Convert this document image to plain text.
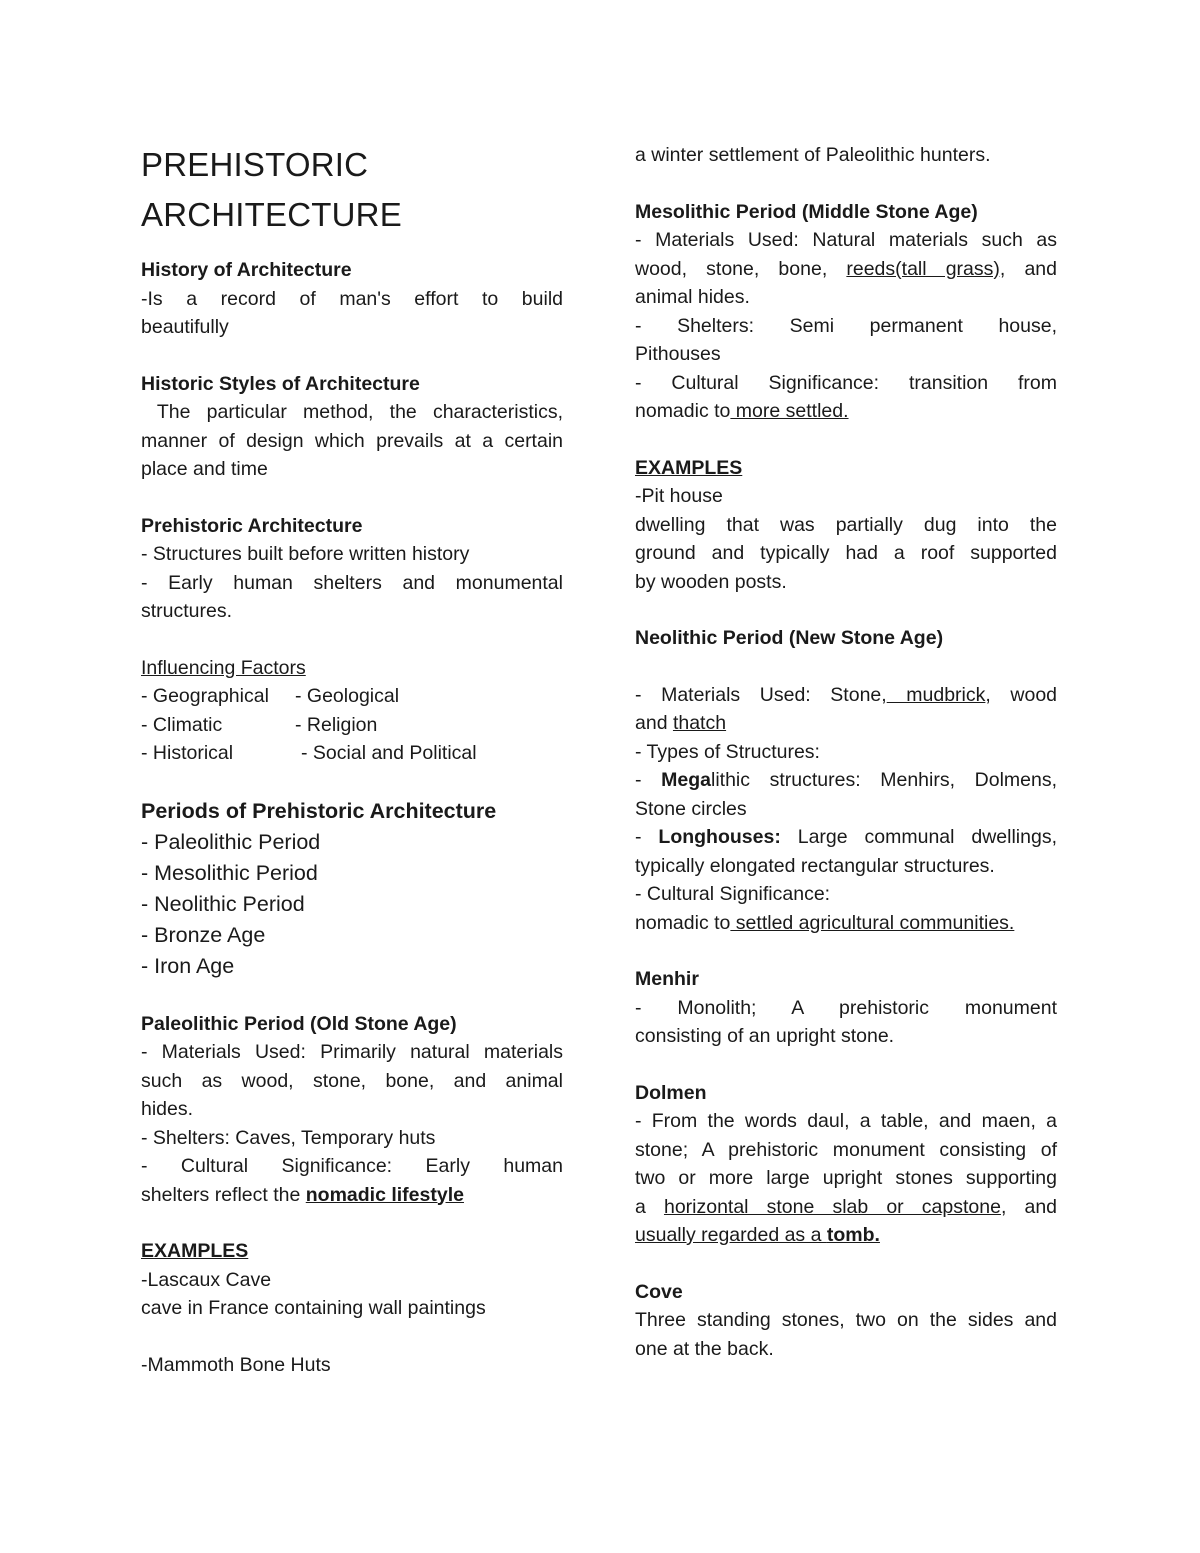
PREHISTORIC

ARCHITECTURE

History of Architecture

-Is a record of man's effort to build

beautifully

Historic Styles of Architecture

The particular method, the characteristics,

manner of design which prevails at a certain

place and time

Prehistoric Architecture

- Structures built before written history

- Early human shelters and monumental

structures.

Influencing Factors

- Geographical - Geological

- Climatic	- Religion

- Historical	- Social and Political

Periods of Prehistoric Architecture

- Paleolithic Period

- Mesolithic Period

- Neolithic Period

- Bronze Age

- Iron Age

Paleolithic Period (Old Stone Age)

- Materials Used: Primarily natural materials

such as wood, stone, bone, and animal

hides.

- Shelters: Caves, Temporary huts

- Cultural Significance: Early human

shelters reflect the nomadic lifestyle

EXAMPLES

-Lascaux Cave

cave in France containing wall paintings

-Mammoth Bone Huts

a winter settlement of Paleolithic hunters.

Mesolithic Period (Middle Stone Age)

- Materials Used: Natural materials such as

wood, stone, bone, reeds(tall grass), and

animal hides.

- Shelters: Semi permanent house,

Pithouses

- Cultural Significance: transition from

nomadic to more settled.

EXAMPLES

-Pit house

dwelling that was partially dug into the

ground and typically had a roof supported

by wooden posts.

Neolithic Period (New Stone Age)

- Materials Used: Stone, mudbrick, wood

and thatch

- Types of Structures:

- Megalithic structures: Menhirs, Dolmens,

Stone circles

- Longhouses: Large communal dwellings,

typically elongated rectangular structures.

- Cultural Significance:

nomadic to settled agricultural communities.

Menhir

- Monolith; A prehistoric monument

consisting of an upright stone.

Dolmen

- From the words daul, a table, and maen, a

stone; A prehistoric monument consisting of

two or more large upright stones supporting

a horizontal stone slab or capstone, and

usually regarded as a tomb.

Cove

Three standing stones, two on the sides and

one at the back.
